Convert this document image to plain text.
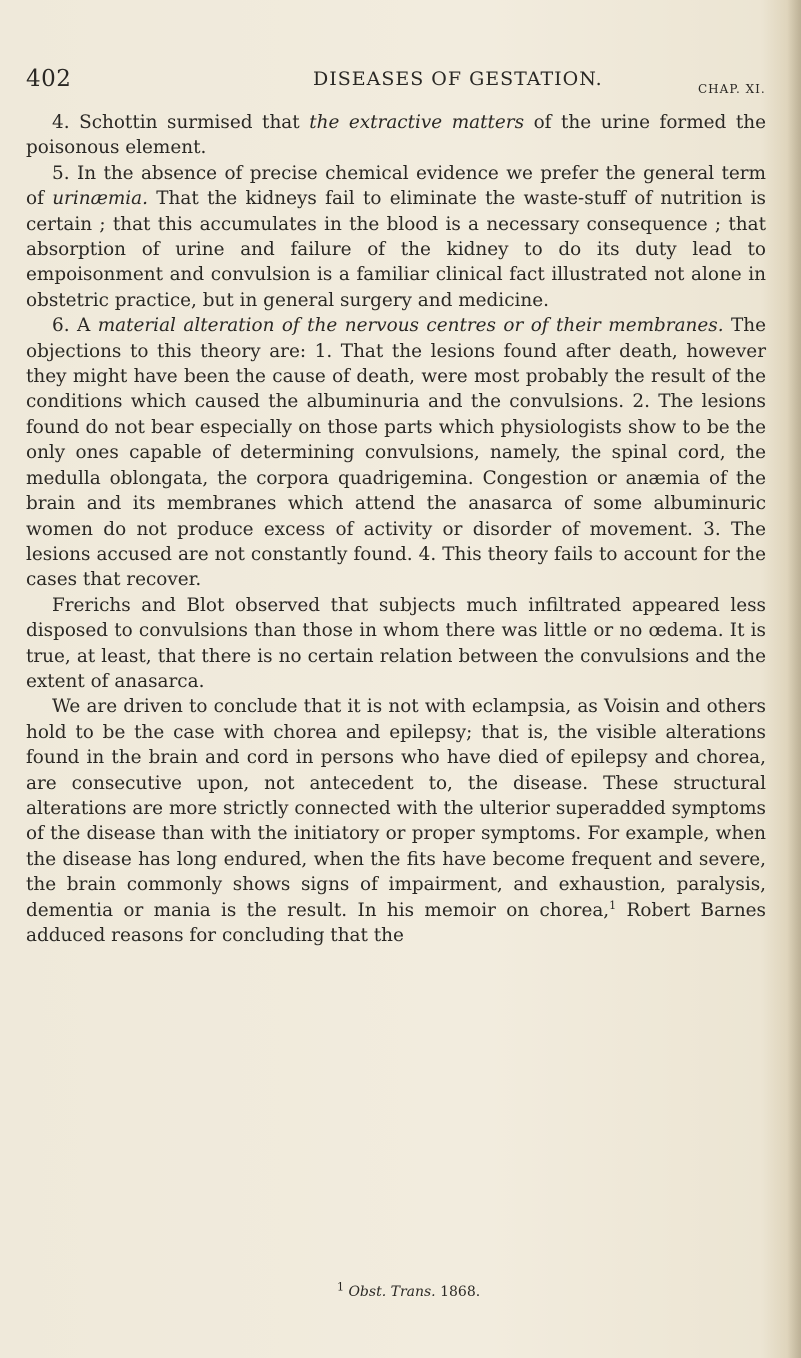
402	DISEASES OF GESTATION.	CHAP. XI.

4. Schottin surmised that the extractive matters of the urine formed the poisonous element.

5. In the absence of precise chemical evidence we prefer the general term of urinæmia. That the kidneys fail to eliminate the waste-stuff of nutrition is certain ; that this accumulates in the blood is a necessary consequence ; that absorption of urine and failure of the kidney to do its duty lead to empoisonment and convulsion is a familiar clinical fact illustrated not alone in obstetric practice, but in general surgery and medicine.

6. A material alteration of the nervous centres or of their membranes. The objections to this theory are: 1. That the lesions found after death, however they might have been the cause of death, were most probably the result of the conditions which caused the albuminuria and the convulsions. 2. The lesions found do not bear especially on those parts which physiologists show to be the only ones capable of determining convulsions, namely, the spinal cord, the medulla oblongata, the corpora quadrigemina. Congestion or anæmia of the brain and its membranes which attend the anasarca of some albuminuric women do not produce excess of activity or disorder of movement. 3. The lesions accused are not constantly found. 4. This theory fails to account for the cases that recover.

Frerichs and Blot observed that subjects much infiltrated appeared less disposed to convulsions than those in whom there was little or no œdema. It is true, at least, that there is no certain relation between the convulsions and the extent of anasarca.

We are driven to conclude that it is not with eclampsia, as Voisin and others hold to be the case with chorea and epilepsy; that is, the visible alterations found in the brain and cord in persons who have died of epilepsy and chorea, are consecutive upon, not antecedent to, the disease. These structural alterations are more strictly connected with the ulterior superadded symptoms of the disease than with the initiatory or proper symptoms. For example, when the disease has long endured, when the fits have become frequent and severe, the brain commonly shows signs of impairment, and exhaustion, paralysis, dementia or mania is the result. In his memoir on chorea,$^1$ Robert Barnes adduced reasons for concluding that the

$^1$ Obst. Trans. 1868.
